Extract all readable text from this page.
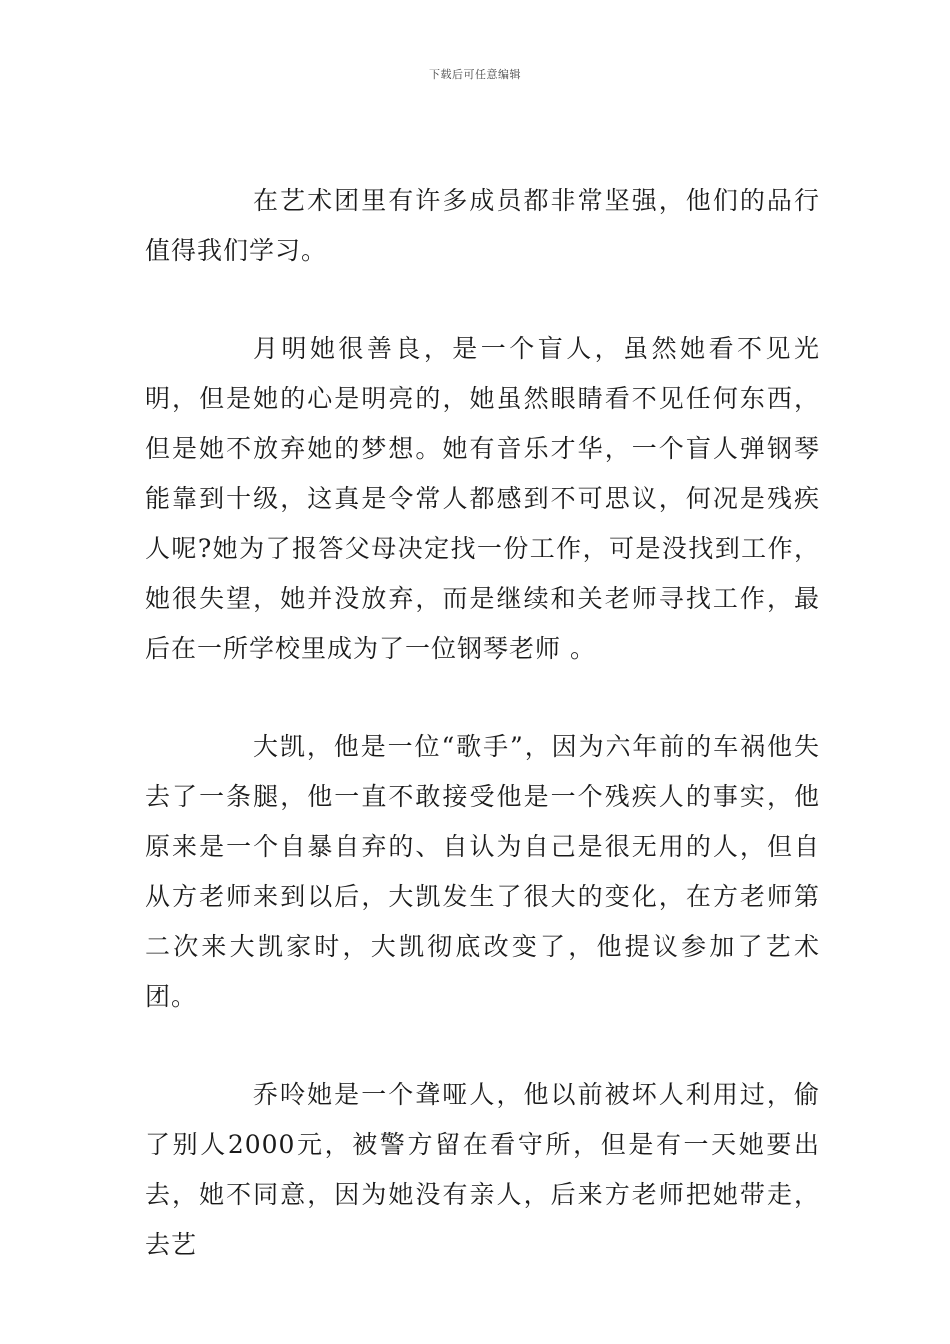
下载后可任意编辑

在艺术团里有许多成员都非常坚强，他们的品行值得我们学习。

月明她很善良，是一个盲人，虽然她看不见光明，但是她的心是明亮的，她虽然眼睛看不见任何东西，但是她不放弃她的梦想。她有音乐才华，一个盲人弹钢琴能靠到十级，这真是令常人都感到不可思议，何况是残疾人呢?她为了报答父母决定找一份工作，可是没找到工作，她很失望，她并没放弃，而是继续和关老师寻找工作，最后在一所学校里成为了一位钢琴老师 。

大凯，他是一位“歌手”，因为六年前的车祸他失去了一条腿，他一直不敢接受他是一个残疾人的事实，他原来是一个自暴自弃的、自认为自己是很无用的人，但自从方老师来到以后，大凯发生了很大的变化，在方老师第二次来大凯家时，大凯彻底改变了，他提议参加了艺术团。

乔呤她是一个聋哑人，他以前被坏人利用过，偷了别人2000元，被警方留在看守所，但是有一天她要出去，她不同意，因为她没有亲人，后来方老师把她带走，去艺
